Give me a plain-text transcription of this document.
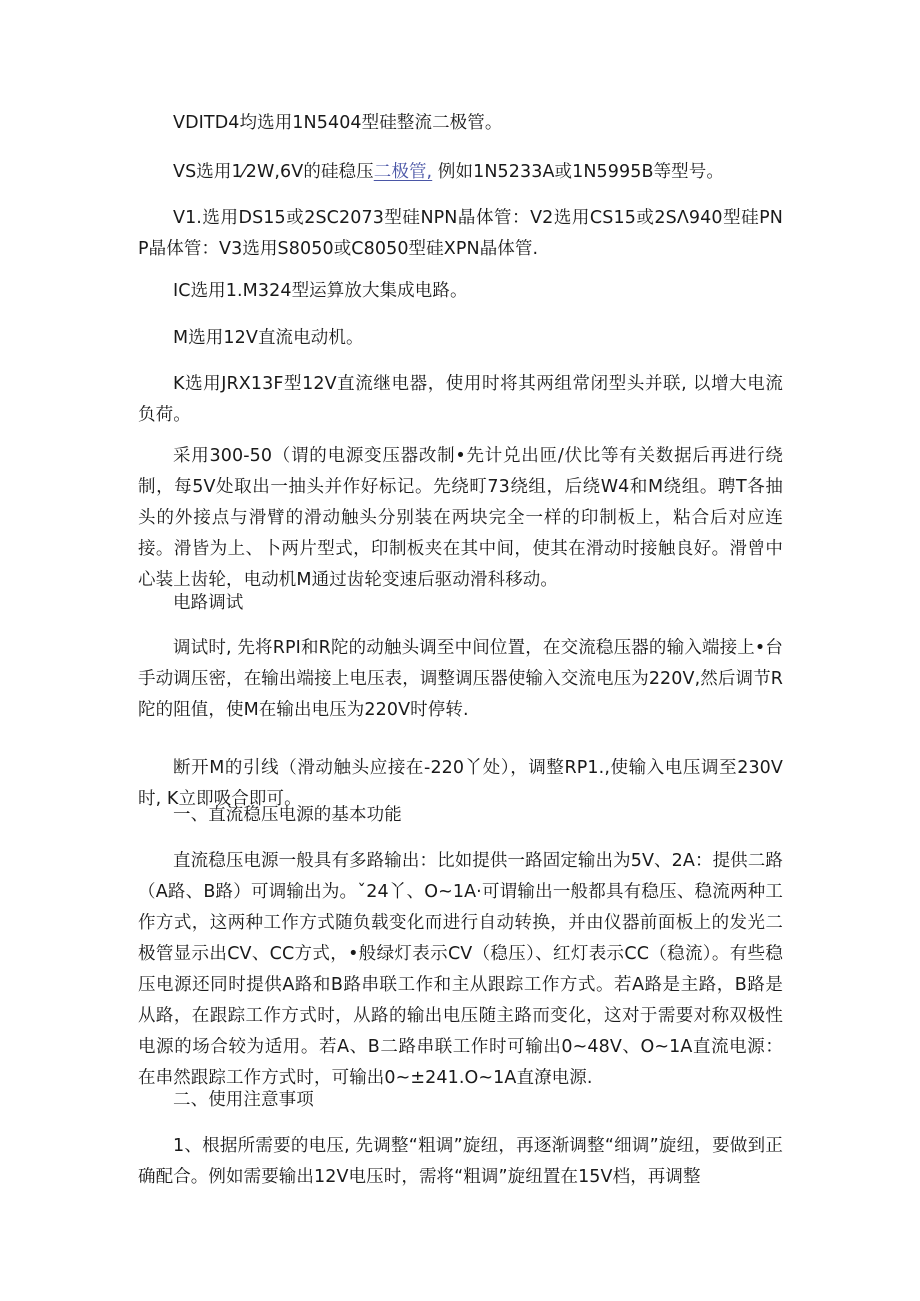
VDITD4均选用1N5404型硅整流二极管。

VS选用1⁄2W,6V的硅稳压二极管, 例如1N5233A或1N5995B等型号。

V1.选用DS15或2SC2073型硅NPN晶体管：V2选用CS15或2SΛ940型硅PNP晶体管：V3选用S8050或C8050型硅XPN晶体管.

IC选用1.M324型运算放大集成电路。

M选用12V直流电动机。

K选用JRX13F型12V直流继电器，使用时将其两组常闭型头并联, 以增大电流负荷。

采用300-50（谓的电源变压器改制•先计兑出匝/伏比等有关数据后再进行绕制，每5V处取出一抽头并作好标记。先绕町73绕组，后绕W4和M绕组。聘T各抽头的外接点与滑臂的滑动触头分别装在两块完全一样的印制板上，粘合后对应连接。滑皆为上、卜两片型式，印制板夹在其中间，使其在滑动时接触良好。滑曾中心装上齿轮，电动机M通过齿轮变速后驱动滑科移动。

电路调试

调试时, 先将RPI和R陀的动触头调至中间位置，在交流稳压器的输入端接上•台手动调压密，在输出端接上电压表，调整调压器使输入交流电压为220V,然后调节R陀的阻值，使M在输出电压为220V时停转.

断开M的引线（滑动触头应接在-220丫处），调整RP1.,使输入电压调至230V时, K立即吸合即可。

一、直流稳压电源的基本功能

直流稳压电源一般具有多路输出：比如提供一路固定输出为5V、2A：提供二路（A路、B路）可调输出为。ˇ24丫、O~1A·可谓输出一般都具有稳压、稳流两种工作方式，这两种工作方式随负载变化而进行自动转换，并由仪器前面板上的发光二极管显示出CV、CC方式，•般绿灯表示CV（稳压）、红灯表示CC（稳流）。有些稳压电源还同时提供A路和B路串联工作和主从跟踪工作方式。若A路是主路，B路是从路，在跟踪工作方式时，从路的输出电压随主路而变化，这对于需要对称双极性电源的场合较为适用。若A、B二路串联工作时可输出0~48V、O~1A直流电源：在串然跟踪工作方式时，可输出0~±241.O~1A直潦电源.

二、使用注意事项

1、根据所需要的电压, 先调整“粗调”旋纽，再逐渐调整“细调”旋纽，要做到正确配合。例如需要输出12V电压时，需将“粗调”旋纽置在15V档，再调整
